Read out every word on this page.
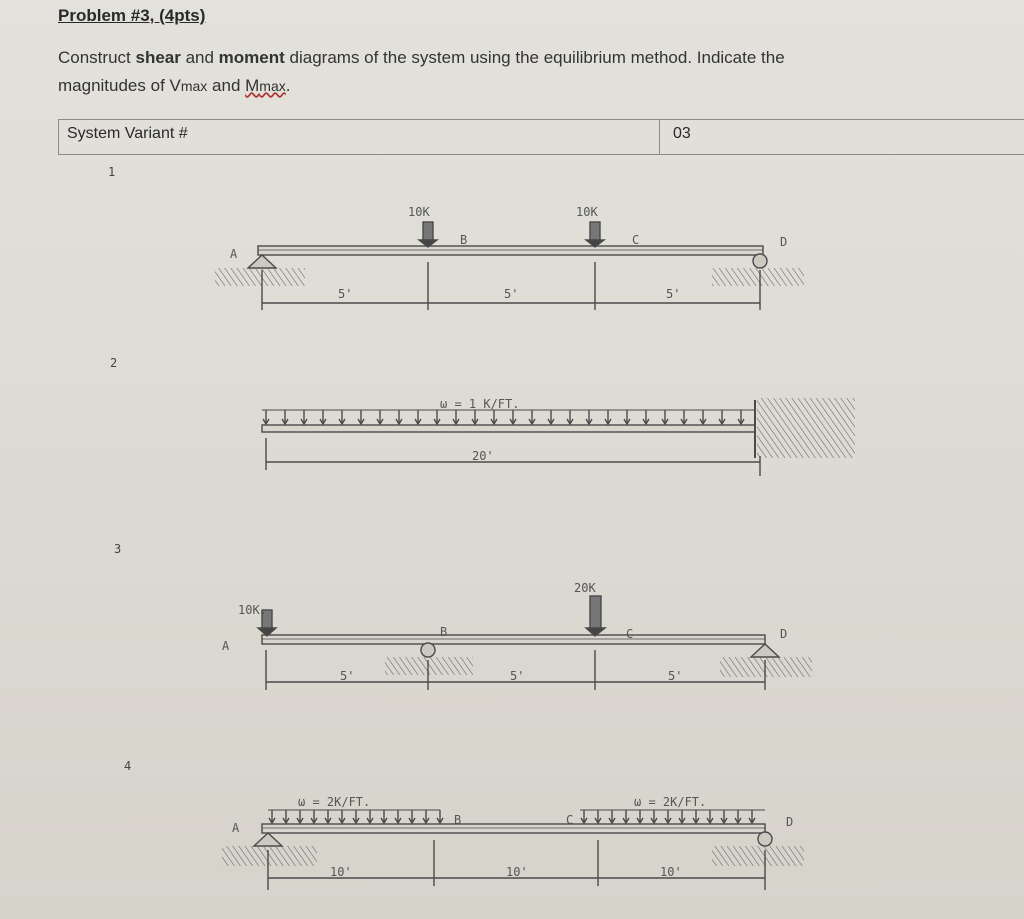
Problem #3, (4pts)
Construct shear and moment diagrams of the system using the equilibrium method. Indicate the
magnitudes of Vmax and Mmax.
System Variant #	03
1
10K	10K
A
B	C	D
5'	5'	5'
2
ω = 1 K/FT.
20'
3
10K.
20K
A
B	C	D
5'	5'	5'
4
ω = 2K/FT.	ω = 2K/FT.
A
B	C	D
10'	10'	10'
